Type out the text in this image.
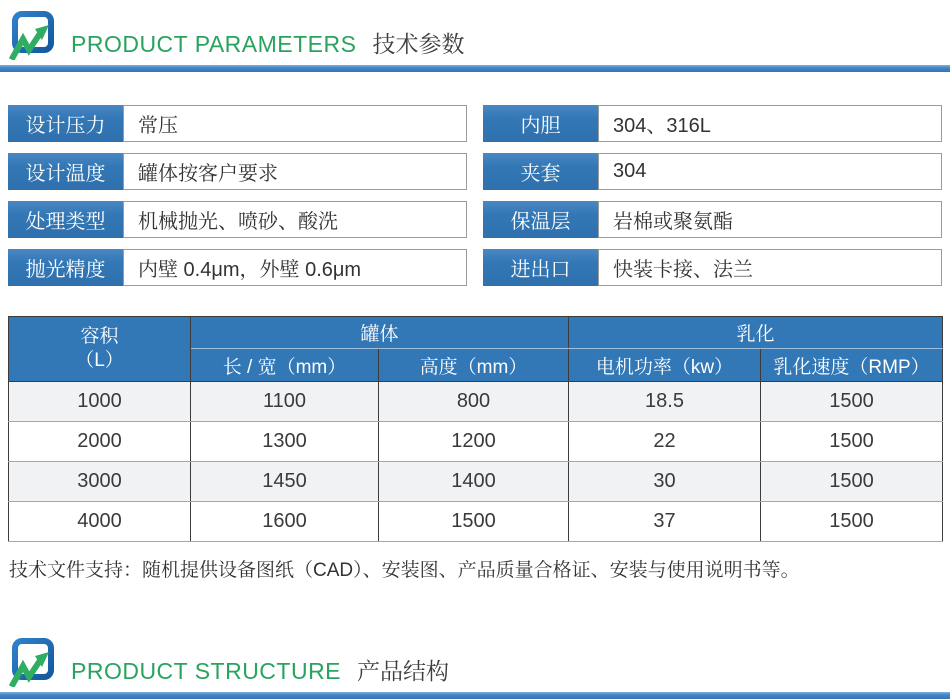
PRODUCT PARAMETERS 技术参数
设计压力	常压
设计温度	罐体按客户要求
处理类型	机械抛光、喷砂、酸洗
抛光精度	内壁 0.4μm，外壁 0.6μm
内胆	304、316L
夹套	304
保温层	岩棉或聚氨酯
进出口	快装卡接、法兰
容积
（L）	罐体		乳化	
	长 / 宽（mm）	高度（mm）	电机功率（kw）	乳化速度（RMP）
1000	1100	800	18.5	1500
2000	1300	1200	22	1500
3000	1450	1400	30	1500
4000	1600	1500	37	1500
技术文件支持：随机提供设备图纸（CAD）、安装图、产品质量合格证、安装与使用说明书等。
PRODUCT STRUCTURE 产品结构
